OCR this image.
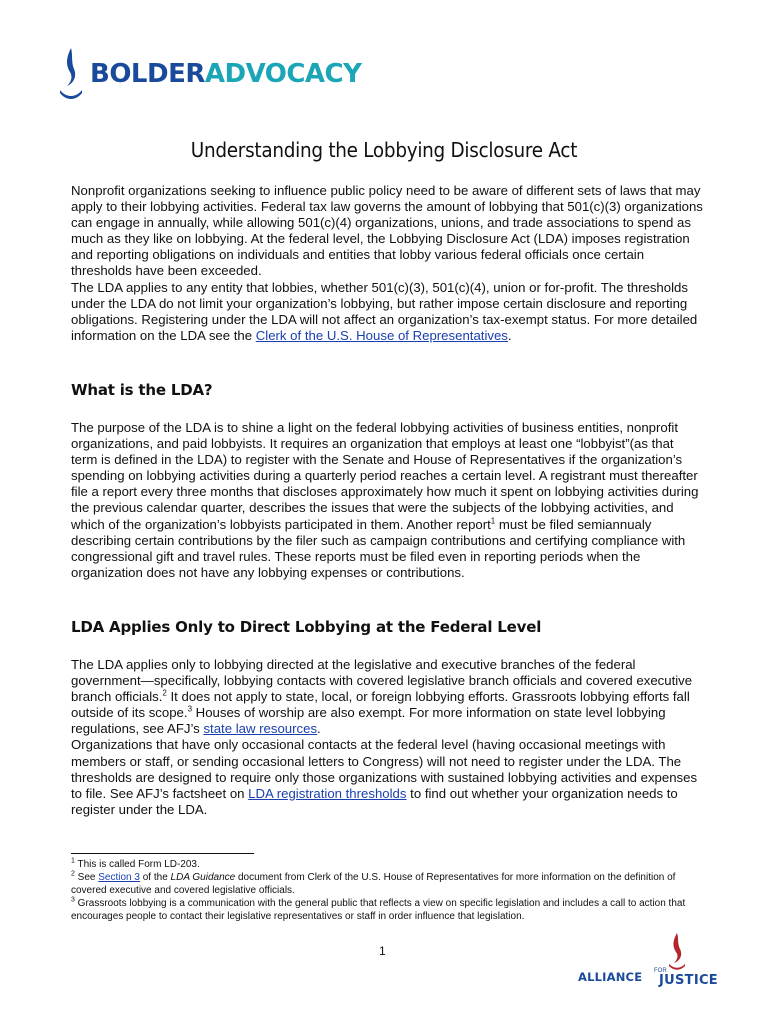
BOLDERADVOCACY
Understanding the Lobbying Disclosure Act

Nonprofit organizations seeking to influence public policy need to be aware of different sets of laws that may apply to their lobbying activities. Federal tax law governs the amount of lobbying that 501(c)(3) organizations can engage in annually, while allowing 501(c)(4) organizations, unions, and trade associations to spend as much as they like on lobbying. At the federal level, the Lobbying Disclosure Act (LDA) imposes registration and reporting obligations on individuals and entities that lobby various federal officials once certain thresholds have been exceeded.

The LDA applies to any entity that lobbies, whether 501(c)(3), 501(c)(4), union or for-profit. The thresholds under the LDA do not limit your organization’s lobbying, but rather impose certain disclosure and reporting obligations. Registering under the LDA will not affect an organization’s tax-exempt status. For more detailed information on the LDA see the Clerk of the U.S. House of Representatives.

What is the LDA?

The purpose of the LDA is to shine a light on the federal lobbying activities of business entities, nonprofit organizations, and paid lobbyists. It requires an organization that employs at least one “lobbyist”(as that term is defined in the LDA) to register with the Senate and House of Representatives if the organization’s spending on lobbying activities during a quarterly period reaches a certain level. A registrant must thereafter file a report every three months that discloses approximately how much it spent on lobbying activities during the previous calendar quarter, describes the issues that were the subjects of the lobbying activities, and which of the organization’s lobbyists participated in them. Another report$^1$ must be filed semiannualy describing certain contributions by the filer such as campaign contributions and certifying compliance with congressional gift and travel rules. These reports must be filed even in reporting periods when the organization does not have any lobbying expenses or contributions.

LDA Applies Only to Direct Lobbying at the Federal Level

The LDA applies only to lobbying directed at the legislative and executive branches of the federal government—specifically, lobbying contacts with covered legislative branch officials and covered executive branch officials.$^2$ It does not apply to state, local, or foreign lobbying efforts. Grassroots lobbying efforts fall outside of its scope.$^3$ Houses of worship are also exempt. For more information on state level lobbying regulations, see AFJ’s state law resources.

Organizations that have only occasional contacts at the federal level (having occasional meetings with members or staff, or sending occasional letters to Congress) will not need to register under the LDA. The thresholds are designed to require only those organizations with sustained lobbying activities and expenses to file. See AFJ’s factsheet on LDA registration thresholds to find out whether your organization needs to register under the LDA.

$^1$ This is called Form LD-203.

$^2$ See Section 3 of the LDA Guidance document from Clerk of the U.S. House of Representatives for more information on the definition of covered executive and covered legislative officials.

$^3$ Grassroots lobbying is a communication with the general public that reflects a view on specific legislation and includes a call to action that encourages people to contact their legislative representatives or staff in order influence that legislation.

1
ALLIANCE FOR
JUSTICE
